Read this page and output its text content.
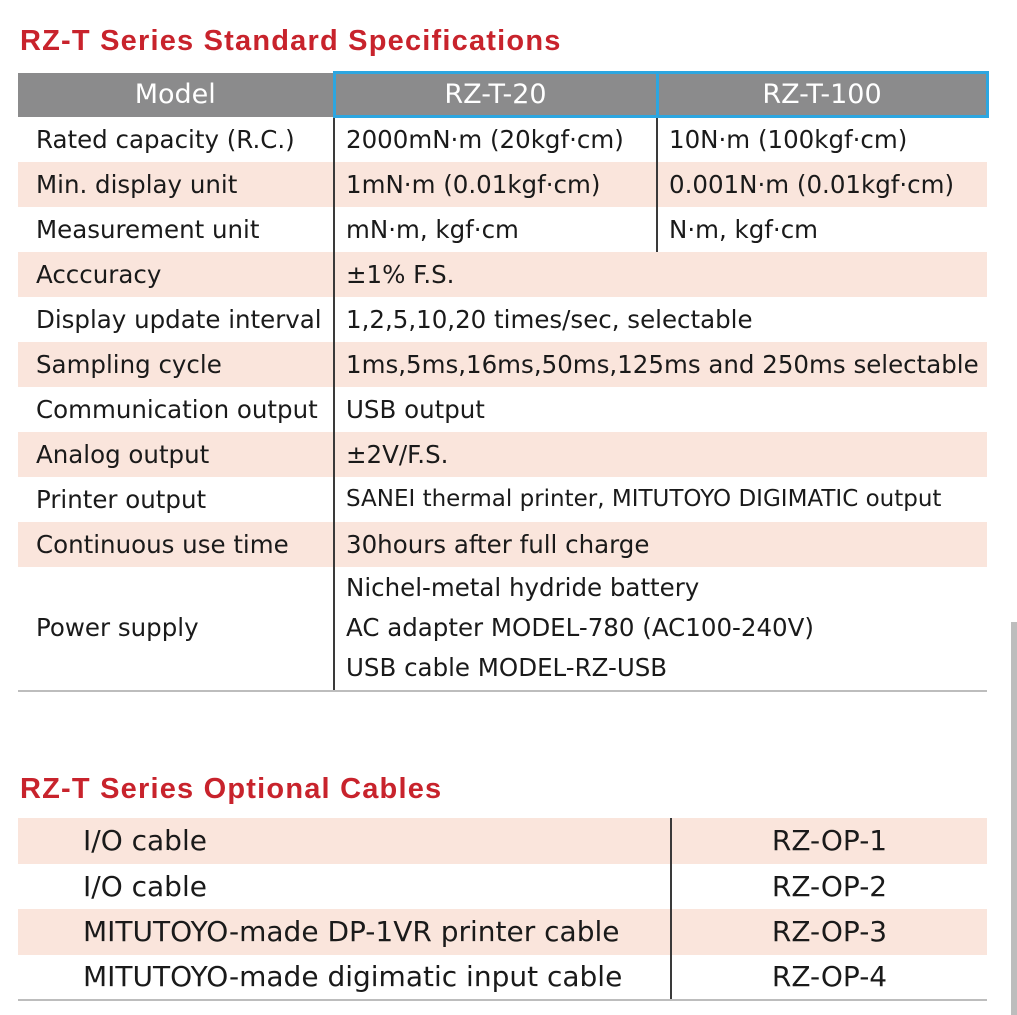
RZ-T Series Standard Specifications
Model	RZ-T-20	RZ-T-100
Rated capacity (R.C.)	2000mN·m (20kgf·cm)	10N·m (100kgf·cm)
Min. display unit	1mN·m (0.01kgf·cm)	0.001N·m (0.01kgf·cm)
Measurement unit	mN·m, kgf·cm	N·m, kgf·cm
Acccuracy	±1% F.S.	
Display update interval	1,2,5,10,20 times/sec, selectable	
Sampling cycle	1ms,5ms,16ms,50ms,125ms and 250ms selectable	
Communication output	USB output	
Analog output	±2V/F.S.	
Printer output	SANEI thermal printer, MITUTOYO DIGIMATIC output	
Continuous use time	30hours after full charge	
Power supply	Nichel-metal hydride battery
AC adapter MODEL-780 (AC100-240V)
USB cable MODEL-RZ-USB	
RZ-T Series Optional Cables
I/O cable	RZ-OP-1
I/O cable	RZ-OP-2
MITUTOYO-made DP-1VR printer cable	RZ-OP-3
MITUTOYO-made digimatic input cable	RZ-OP-4
